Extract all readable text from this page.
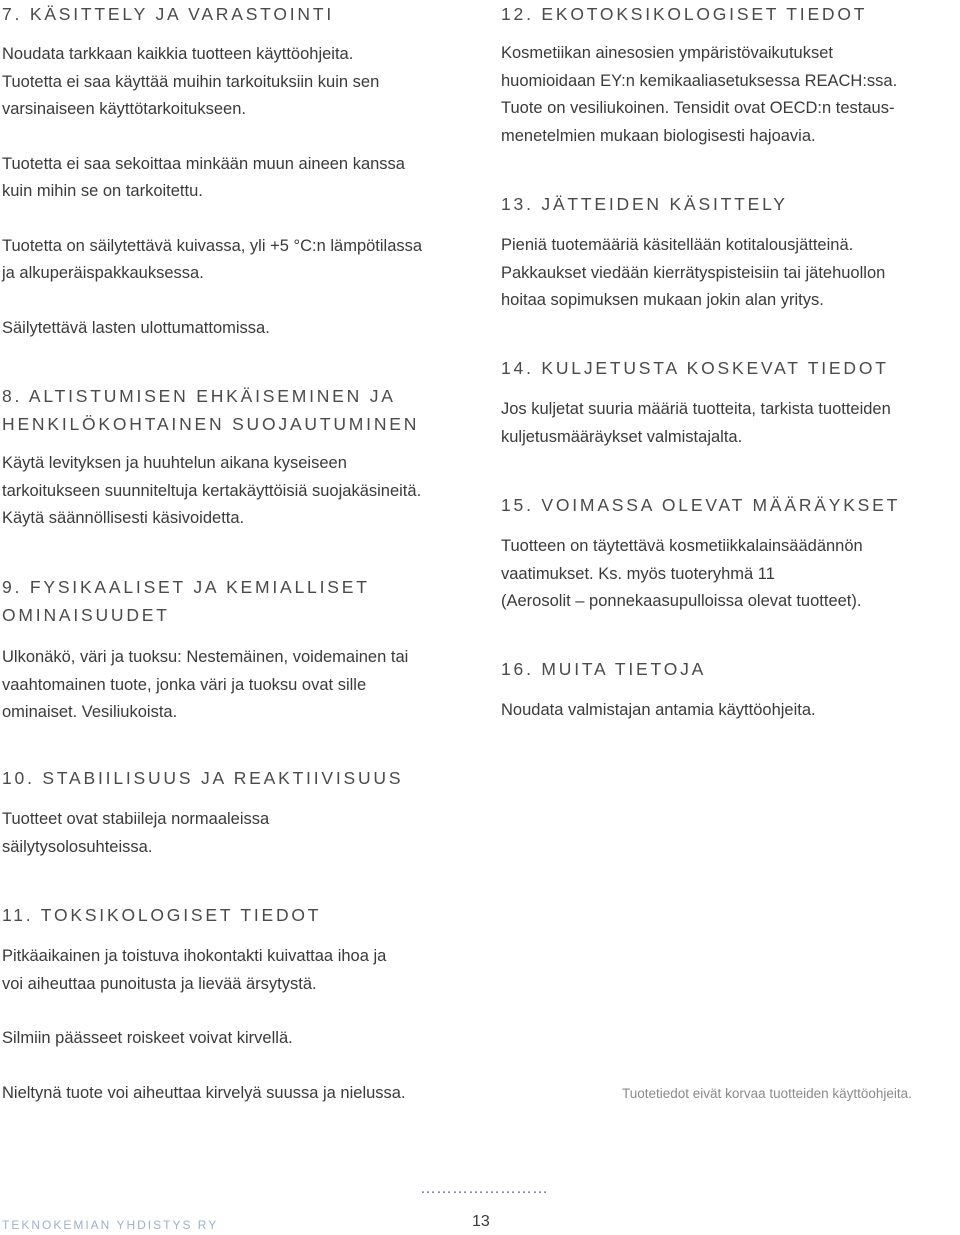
7. KÄSITTELY JA VARASTOINTI

Noudata tarkkaan kaikkia tuotteen käyttöohjeita.

Tuotetta ei saa käyttää muihin tarkoituksiin kuin sen

varsinaiseen käyttötarkoitukseen.

Tuotetta ei saa sekoittaa minkään muun aineen kanssa

kuin mihin se on tarkoitettu.

Tuotetta on säilytettävä kuivassa, yli +5 °C:n lämpötilassa

ja alkuperäispakkauksessa.

Säilytettävä lasten ulottumattomissa.

8. ALTISTUMISEN EHKÄISEMINEN JA
HENKILÖKOHTAINEN SUOJAUTUMINEN

Käytä levityksen ja huuhtelun aikana kyseiseen

tarkoitukseen suunniteltuja kertakäyttöisiä suojakäsineitä.

Käytä säännöllisesti käsivoidetta.

9. FYSIKAALISET JA KEMIALLISET
OMINAISUUDET

Ulkonäkö, väri ja tuoksu: Nestemäinen, voidemainen tai

vaahtomainen tuote, jonka väri ja tuoksu ovat sille

ominaiset. Vesiliukoista.

10. STABIILISUUS JA REAKTIIVISUUS

Tuotteet ovat stabiileja normaaleissa

säilytysolosuhteissa.

11. TOKSIKOLOGISET TIEDOT

Pitkäaikainen ja toistuva ihokontakti kuivattaa ihoa ja

voi aiheuttaa punoitusta ja lievää ärsytystä.

Silmiin päässeet roiskeet voivat kirvellä.

Nieltynä tuote voi aiheuttaa kirvelyä suussa ja nielussa.

12. EKOTOKSIKOLOGISET TIEDOT

Kosmetiikan ainesosien ympäristövaikutukset

huomioidaan EY:n kemikaaliasetuksessa REACH:ssa.

Tuote on vesiliukoinen. Tensidit ovat OECD:n testaus-

menetelmien mukaan biologisesti hajoavia.

13. JÄTTEIDEN KÄSITTELY

Pieniä tuotemääriä käsitellään kotitalousjätteinä.

Pakkaukset viedään kierrätyspisteisiin tai jätehuollon

hoitaa sopimuksen mukaan jokin alan yritys.

14. KULJETUSTA KOSKEVAT TIEDOT

Jos kuljetat suuria määriä tuotteita, tarkista tuotteiden

kuljetusmääräykset valmistajalta.

15. VOIMASSA OLEVAT MÄÄRÄYKSET

Tuotteen on täytettävä kosmetiikkalainsäädännön

vaatimukset. Ks. myös tuoteryhmä 11

(Aerosolit – ponnekaasupulloissa olevat tuotteet).

16. MUITA TIETOJA

Noudata valmistajan antamia käyttöohjeita.

Tuotetiedot eivät korvaa tuotteiden käyttöohjeita.
……………………
TEKNOKEMIAN YHDISTYS RY	13
